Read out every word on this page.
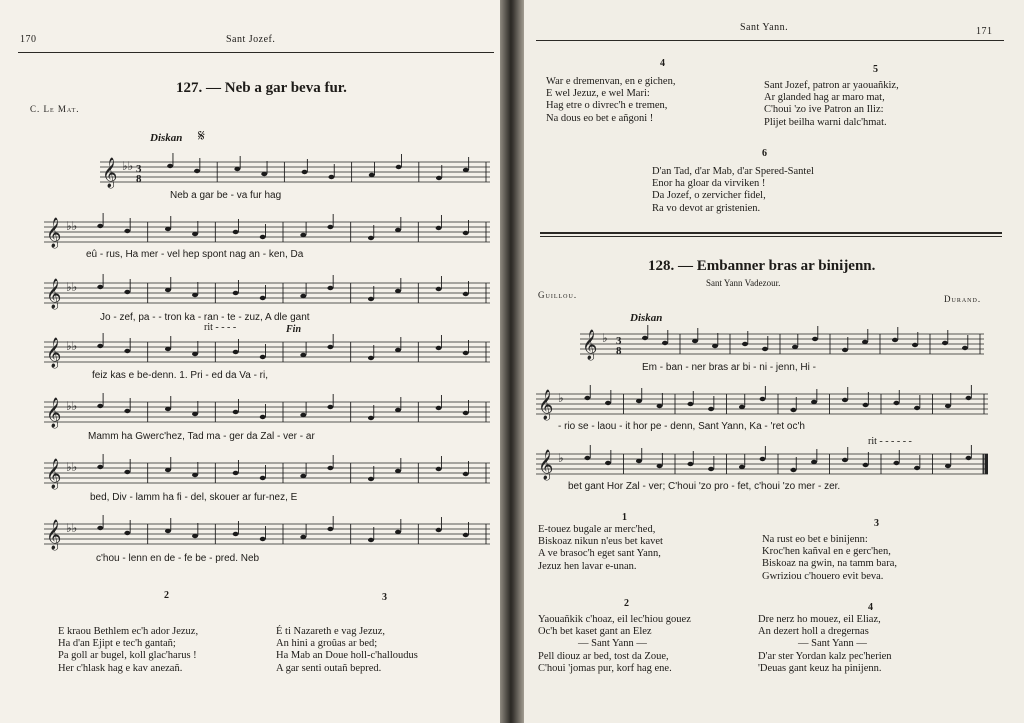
170	Sant Jozef.
127. — Neb a gar beva fur.
C. Le Mat.
Diskan 𝄋
rit - - - -	Fin
𝄞 ♭♭ 3
8
𝄞 ♭♭
𝄞 ♭♭
𝄞 ♭♭
𝄞 ♭♭
𝄞 ♭♭
𝄞 ♭♭
Neb a gar be - va fur hag
eû - rus, Ha mer - vel hep spont nag an - ken, Da
Jo - zef, pa - - tron ka - ran - te - zuz, A dle gant
feiz kas e be-denn. 1. Pri - ed da Va - ri,
Mamm ha Gwerc'hez, Tad ma - ger da Zal - ver - ar
bed, Div - lamm ha fi - del, skouer ar fur-nez, E
c'hou - lenn en de - fe be - pred. Neb
2
E kraou Bethlem ec'h ador Jezuz,
Ha d'an Ejipt e tec'h gantañ;
Pa goll ar bugel, koll glac'harus !
Her c'hlask hag e kav anezañ.
3
É ti Nazareth e vag Jezuz,
An hini a groûas ar bed;
Ha Mab an Doue holl-c'halloudus
A gar senti outañ bepred.
Sant Yann.	171
4
War e dremenvan, en e gichen,
E wel Jezuz, e wel Mari:
Hag etre o divrec'h e tremen,
Na dous eo bet e añgoni !
5
Sant Jozef, patron ar yaouañkiz,
Ar glanded hag ar maro mat,
C'houi 'zo ive Patron an Iliz:
Plijet beilha warni dalc'hmat.
6
D'an Tad, d'ar Mab, d'ar Spered-Santel
Enor ha gloar da virviken !
Da Jozef, o zervicher fidel,
Ra vo devot ar gristenien.
128. — Embanner bras ar binijenn.
Sant Yann Vadezour.
Guillou.	Durand.
Diskan
rit - - - - - -
𝄞 ♭ 3
8
𝄞 ♭
𝄞 ♭
Em - ban - ner bras ar bi - ni - jenn, Hi -
- rio se - laou - it hor pe - denn, Sant Yann, Ka - 'ret oc'h
bet gant Hor Zal - ver; C'houi 'zo pro - fet, c'houi 'zo mer - zer.
1
E-touez bugale ar merc'hed,
Biskoaz nikun n'eus bet kavet
A ve brasoc'h eget sant Yann,
Jezuz hen lavar e-unan.
3
Na rust eo bet e binijenn:
Kroc'hen kañval en e gerc'hen,
Biskoaz na gwin, na tamm bara,
Gwriziou c'houero evit beva.
2
Yaouañkik c'hoaz, eil lec'hiou gouez
Oc'h bet kaset gant an Elez
— Sant Yann —
Pell diouz ar bed, tost da Zoue,
C'houi 'jomas pur, korf hag ene.
4
Dre nerz ho mouez, eil Eliaz,
An dezert holl a dregernas
— Sant Yann —
D'ar ster Yordan kalz pec'herien
'Deuas gant keuz ha pinijenn.
